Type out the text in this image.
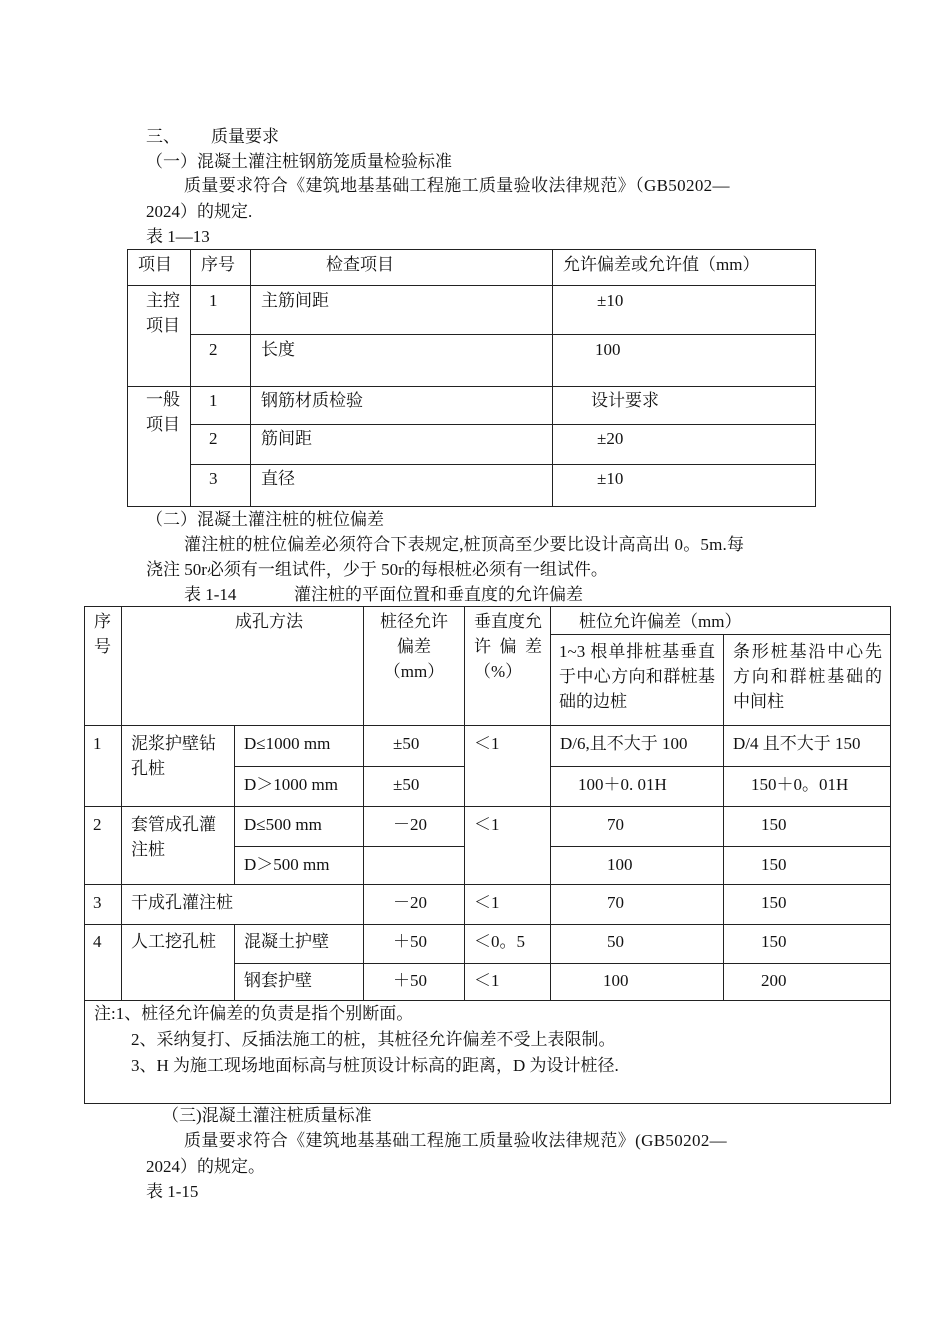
三、 质量要求
（一）混凝土灌注桩钢筋笼质量检验标准
质量要求符合《建筑地基基础工程施工质量验收法律规范》（GB50202—
2024）的规定.
表 1—13
项目	序号	检查项目	允许偏差或允许值（mm）
主控项目	1	主筋间距	±10
	2	长度	100
一般项目	1	钢筋材质检验	设计要求
	2	筋间距	±20
	3	直径	±10
（二）混凝土灌注桩的桩位偏差
灌注桩的桩位偏差必须符合下表规定,桩顶高至少要比设计高高出 0。5m.每
浇注 50r必须有一组试件，少于 50r的每根桩必须有一组试件。
表 1-14	灌注桩的平面位置和垂直度的允许偏差
序号	成孔方法		桩径允许偏差（mm）	垂直度允许偏差（%）	桩位允许偏差（mm）	
					1~3 根单排桩基垂直于中心方向和群桩基础的边桩	条形桩基沿中心先方向和群桩基础的中间柱
1	泥浆护壁钻孔桩	D≤1000 mm	±50	＜1	D/6,且不大于 100	D/4 且不大于 150
		D＞1000 mm	±50		100＋0. 01H	150＋0。01H
2	套管成孔灌注桩	D≤500 mm	－20	＜1	70	150
		D＞500 mm			100	150
3	干成孔灌注桩		－20	＜1	70	150
4	人工挖孔桩	混凝土护壁	＋50	＜0。5	50	150
		钢套护壁	＋50	＜1	100	200

注:1、桩径允许偏差的负责是指个别断面。
2、采纳复打、反插法施工的桩，其桩径允许偏差不受上表限制。
3、H 为施工现场地面标高与桩顶设计标高的距离，D 为设计桩径.						
（三)混凝土灌注桩质量标准
质量要求符合《建筑地基基础工程施工质量验收法律规范》(GB50202—
2024）的规定。
表 1-15
